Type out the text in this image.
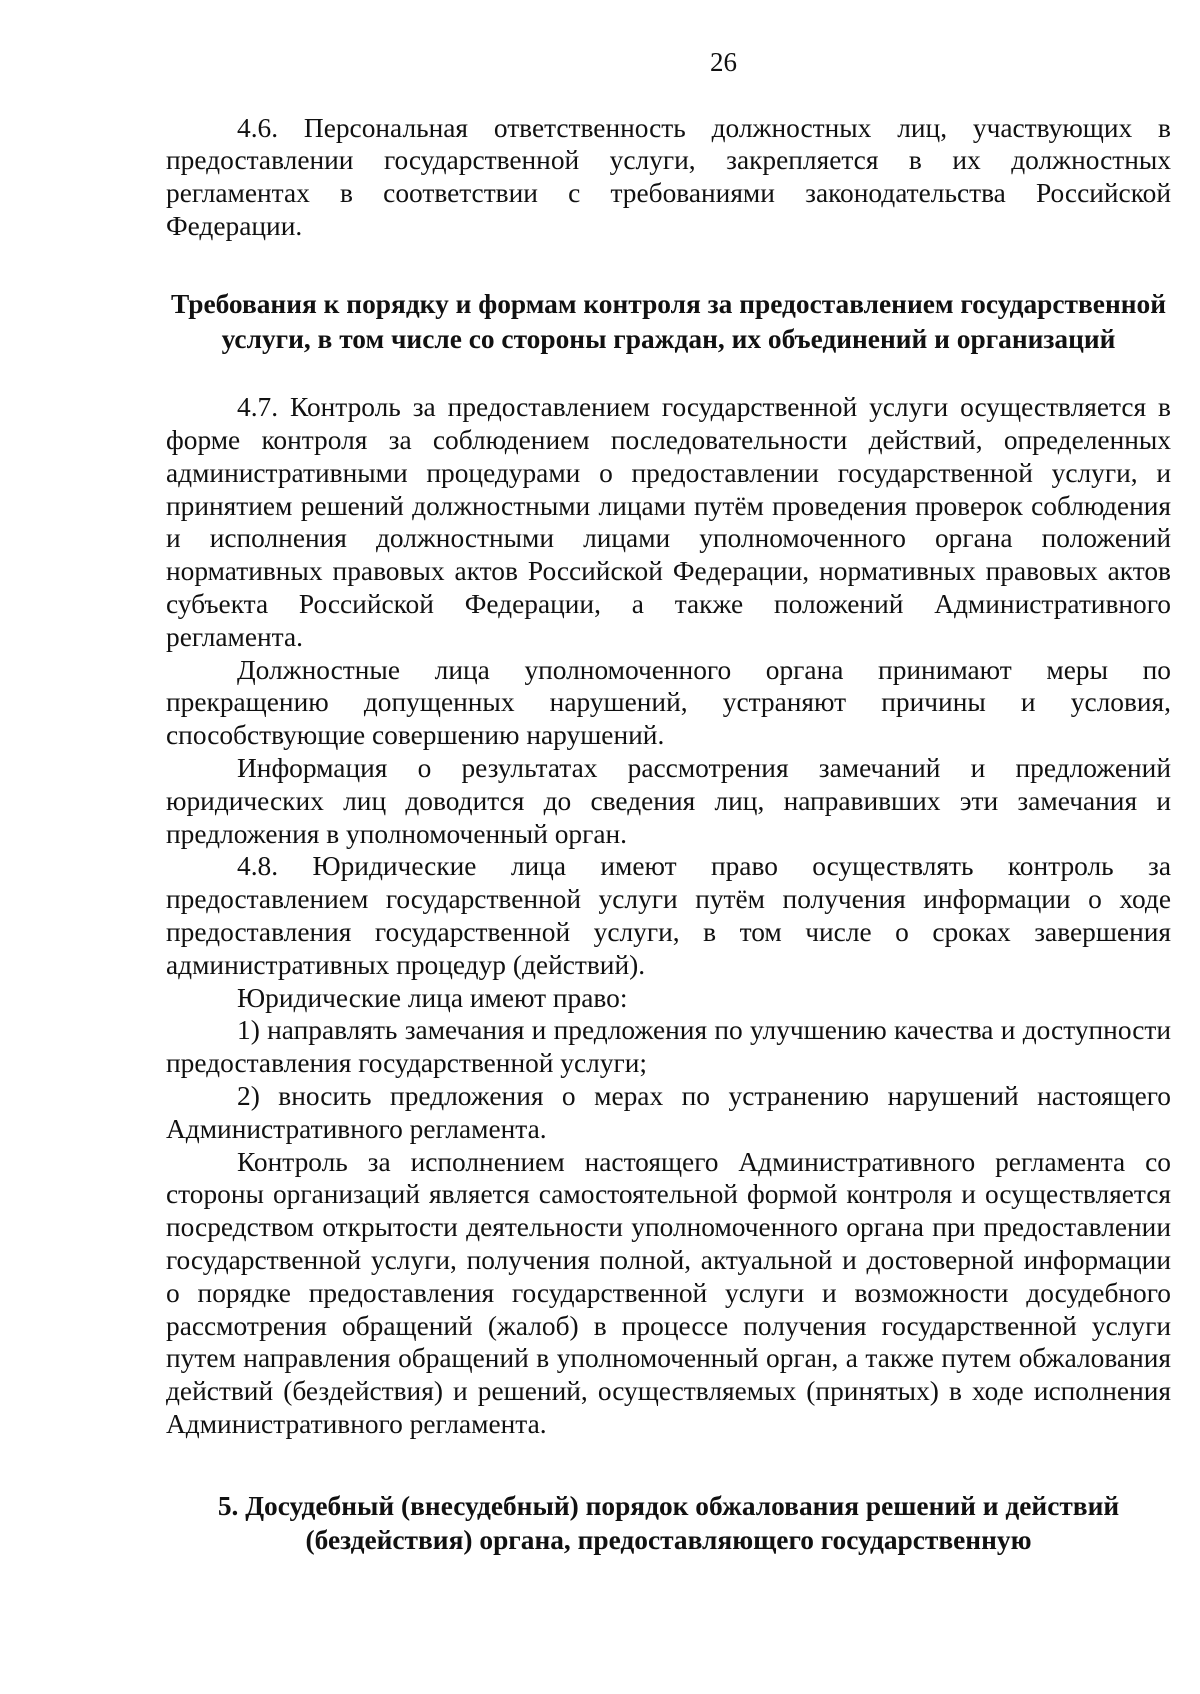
26

4.6. Персональная ответственность должностных лиц, участвующих в предоставлении государственной услуги, закрепляется в их должностных регламентах в соответствии с требованиями законодательства Российской Федерации.

Требования к порядку и формам контроля за предоставлением государственной услуги, в том числе со стороны граждан, их объединений и организаций

4.7. Контроль за предоставлением государственной услуги осуществляется в форме контроля за соблюдением последовательности действий, определенных административными процедурами о предоставлении государственной услуги, и принятием решений должностными лицами путём проведения проверок соблюдения и исполнения должностными лицами уполномоченного органа положений нормативных правовых актов Российской Федерации, нормативных правовых актов субъекта Российской Федерации, а также положений Административного регламента.

Должностные лица уполномоченного органа принимают меры по прекращению допущенных нарушений, устраняют причины и условия, способствующие совершению нарушений.

Информация о результатах рассмотрения замечаний и предложений юридических лиц доводится до сведения лиц, направивших эти замечания и предложения в уполномоченный орган.

4.8. Юридические лица имеют право осуществлять контроль за предоставлением государственной услуги путём получения информации о ходе предоставления государственной услуги, в том числе о сроках завершения административных процедур (действий).

Юридические лица имеют право:

1) направлять замечания и предложения по улучшению качества и доступности предоставления государственной услуги;

2) вносить предложения о мерах по устранению нарушений настоящего Административного регламента.

Контроль за исполнением настоящего Административного регламента со стороны организаций является самостоятельной формой контроля и осуществляется посредством открытости деятельности уполномоченного органа при предоставлении государственной услуги, получения полной, актуальной и достоверной информации о порядке предоставления государственной услуги и возможности досудебного рассмотрения обращений (жалоб) в процессе получения государственной услуги путем направления обращений в уполномоченный орган, а также путем обжалования действий (бездействия) и решений, осуществляемых (принятых) в ходе исполнения Административного регламента.

5. Досудебный (внесудебный) порядок обжалования решений и действий (бездействия) органа, предоставляющего государственную
